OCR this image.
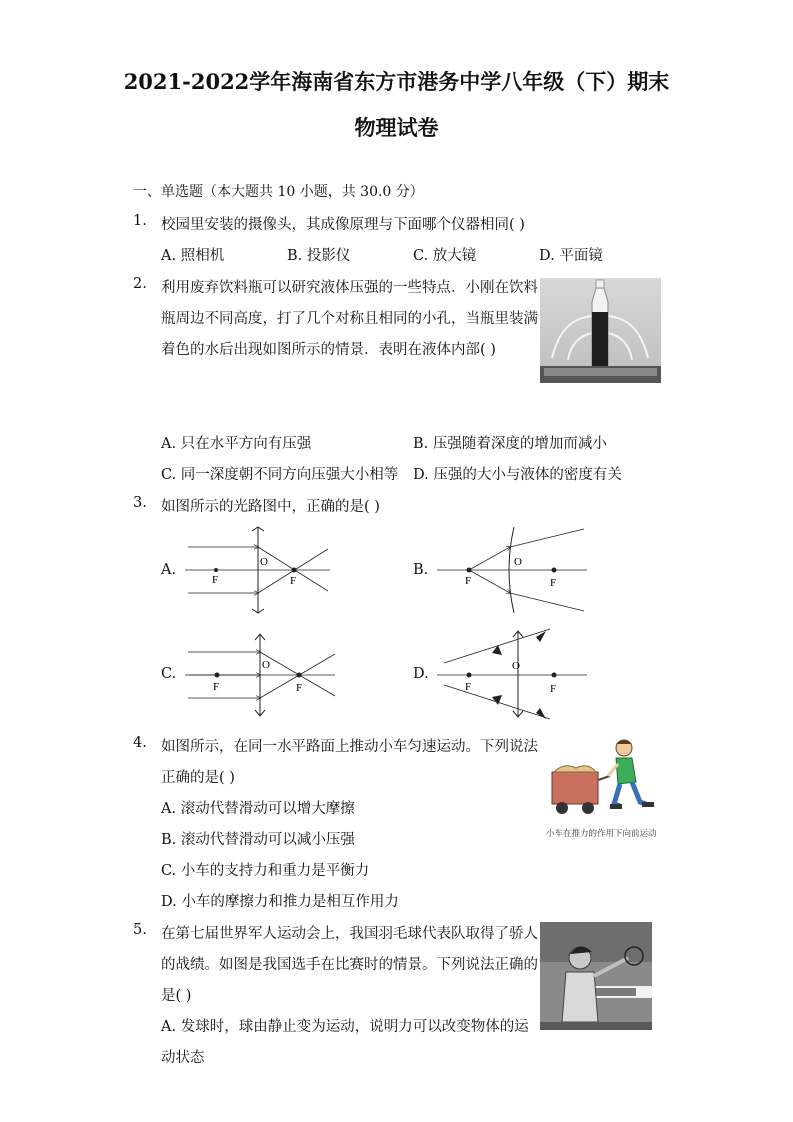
2021-2022学年海南省东方市港务中学八年级（下）期末
物理试卷
一、单选题（本大题共 10 小题，共 30.0 分）
1. 校园里安装的摄像头，其成像原理与下面哪个仪器相同( )
A. 照相机	B. 投影仪	C. 放大镜	D. 平面镜
2. 利用废弃饮料瓶可以研究液体压强的一些特点．小刚在饮料
瓶周边不同高度，打了几个对称且相同的小孔，当瓶里装满
着色的水后出现如图所示的情景．表明在液体内部( )
A. 只在水平方向有压强	B. 压强随着深度的增加而减小
C. 同一深度朝不同方向压强大小相等 D. 压强的大小与液体的密度有关
3. 如图所示的光路图中，正确的是( )
A.
F	F
O	B.
F	F
O
C.
F	F
O
D.
F	F
O
4. 如图所示，在同一水平路面上推动小车匀速运动。下列说法
正确的是( )
A. 滚动代替滑动可以增大摩擦
B. 滚动代替滑动可以减小压强
C. 小车的支持力和重力是平衡力
D. 小车的摩擦力和推力是相互作用力
小车在推力的作用下向前运动
5. 在第七届世界军人运动会上，我国羽毛球代表队取得了骄人
的战绩。如图是我国选手在比赛时的情景。下列说法正确的
是( )
A. 发球时，球由静止变为运动，说明力可以改变物体的运
动状态
